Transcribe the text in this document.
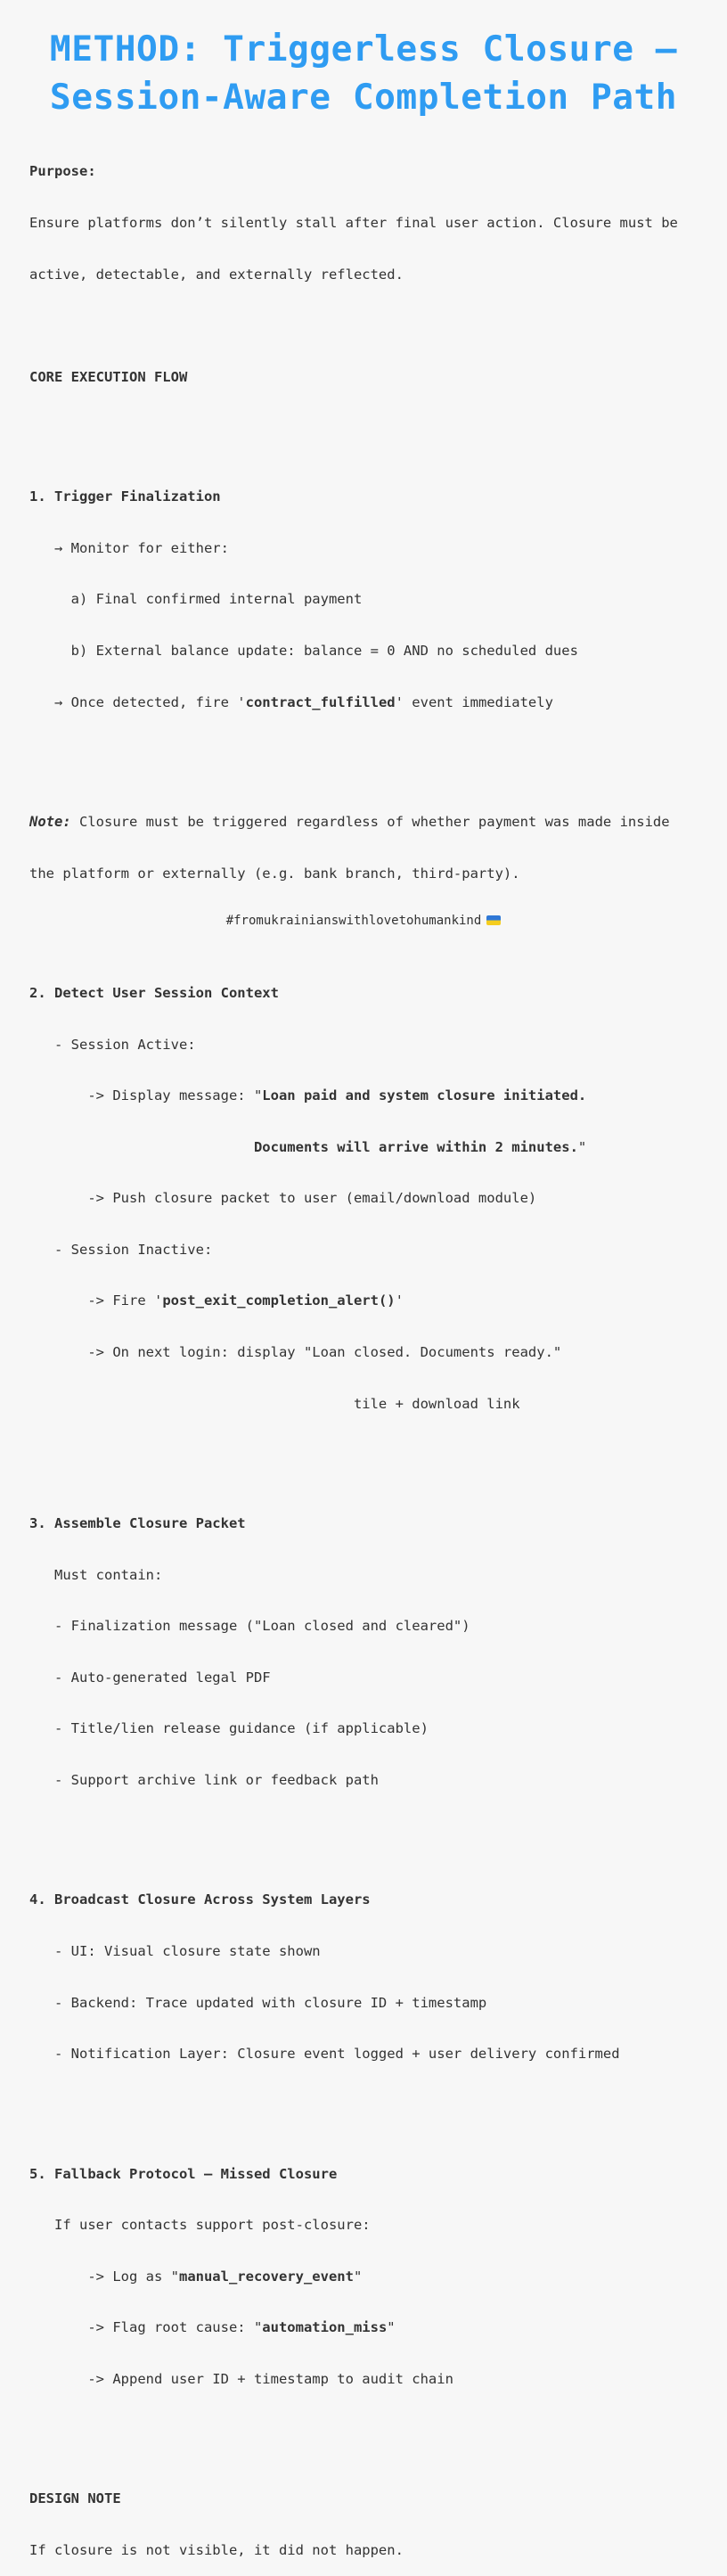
METHOD: Triggerless Closure —
Session-Aware Completion Path

Purpose:

Ensure platforms don’t silently stall after final user action. Closure must be

active, detectable, and externally reflected.

CORE EXECUTION FLOW

1. Trigger Finalization

→ Monitor for either:

a) Final confirmed internal payment

b) External balance update: balance = 0 AND no scheduled dues

→ Once detected, fire 'contract_fulfilled' event immediately

Note: Closure must be triggered regardless of whether payment was made inside

the platform or externally (e.g. bank branch, third-party).

2. Detect User Session Context

- Session Active:

-> Display message: "Loan paid and system closure initiated.

Documents will arrive within 2 minutes."

-> Push closure packet to user (email/download module)

- Session Inactive:

-> Fire 'post_exit_completion_alert()'

-> On next login: display "Loan closed. Documents ready."

tile + download link

3. Assemble Closure Packet

Must contain:

- Finalization message ("Loan closed and cleared")

- Auto-generated legal PDF

- Title/lien release guidance (if applicable)

- Support archive link or feedback path

4. Broadcast Closure Across System Layers

- UI: Visual closure state shown

- Backend: Trace updated with closure ID + timestamp

- Notification Layer: Closure event logged + user delivery confirmed

5. Fallback Protocol — Missed Closure

If user contacts support post-closure:

-> Log as "manual_recovery_event"

-> Flag root cause: "automation_miss"

-> Append user ID + timestamp to audit chain

DESIGN NOTE

If closure is not visible, it did not happen.

#fromukrainianswithlovetohumankind
